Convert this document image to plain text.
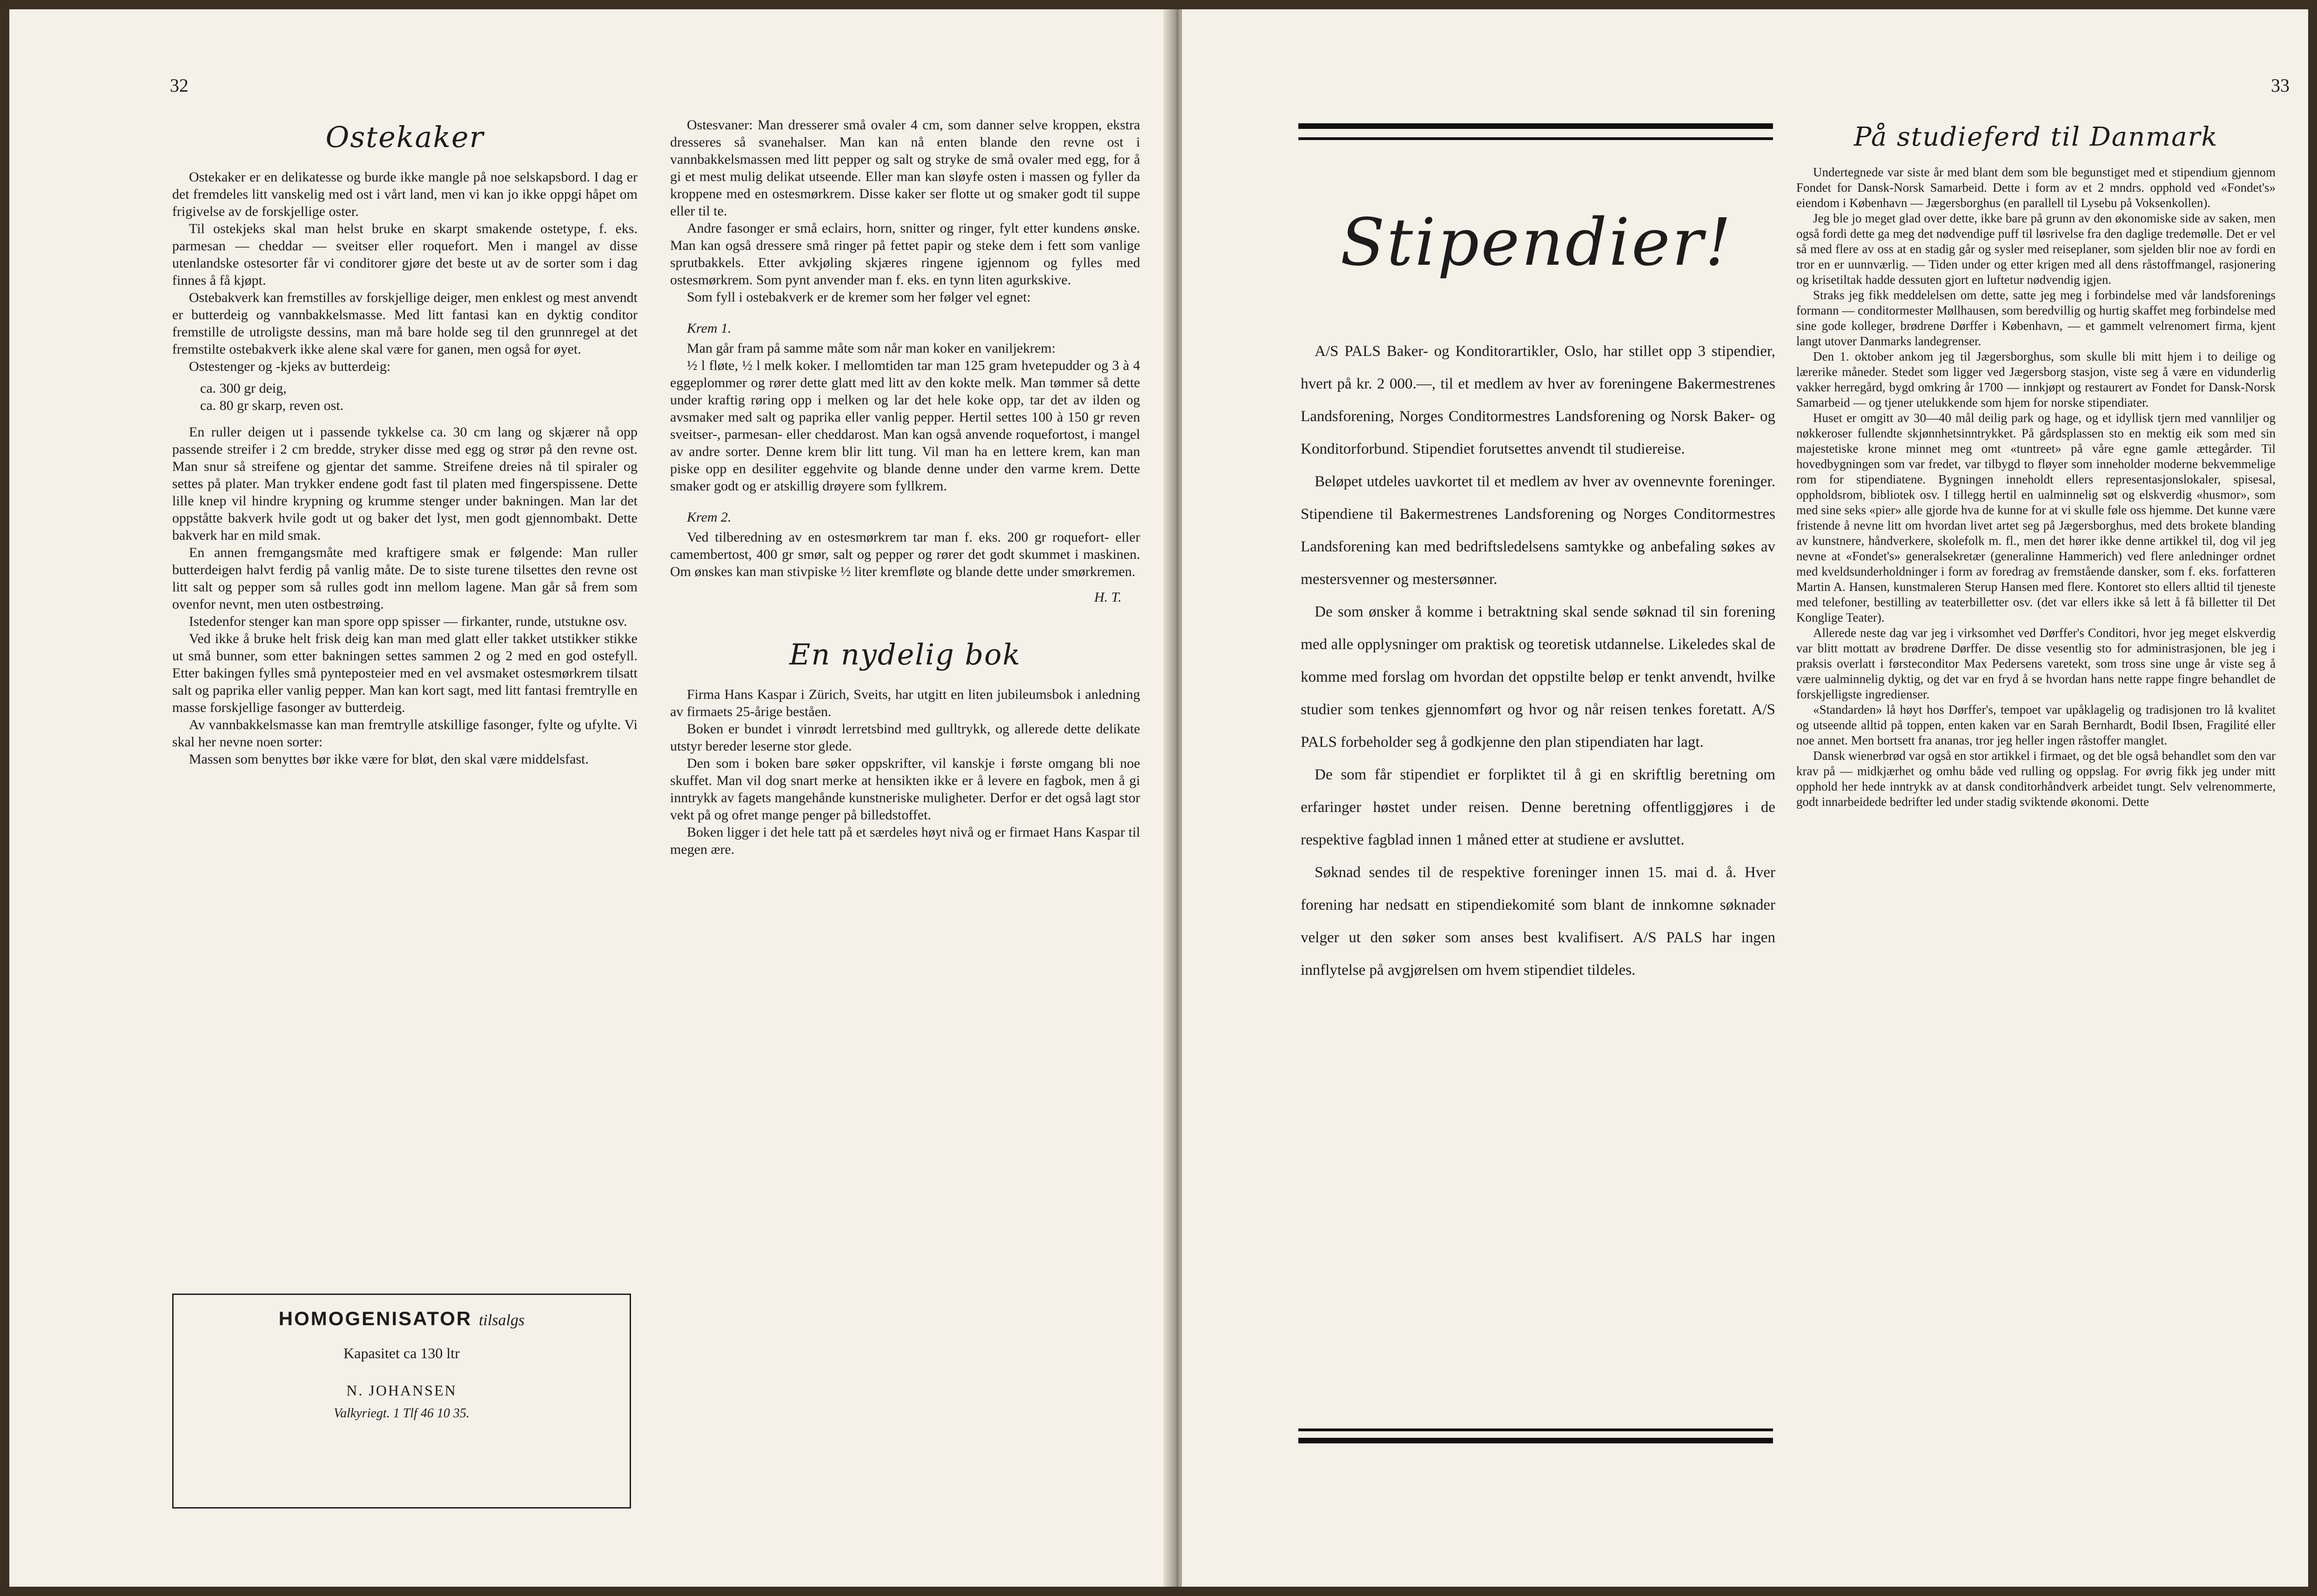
32
Ostekaker

Ostekaker er en delikatesse og burde ikke mangle på noe selskapsbord. I dag er det fremdeles litt vanskelig med ost i vårt land, men vi kan jo ikke oppgi håpet om frigivelse av de forskjellige oster.

Til ostekjeks skal man helst bruke en skarpt smakende ostetype, f. eks. parmesan — cheddar — sveitser eller roquefort. Men i mangel av disse utenlandske ostesorter får vi conditorer gjøre det beste ut av de sorter som i dag finnes å få kjøpt.

Ostebakverk kan fremstilles av forskjellige deiger, men enklest og mest anvendt er butterdeig og vannbakkelsmasse. Med litt fantasi kan en dyktig conditor fremstille de utroligste dessins, man må bare holde seg til den grunnregel at det fremstilte ostebakverk ikke alene skal være for ganen, men også for øyet.

Ostestenger og -kjeks av butterdeig:

ca. 300 gr deig,

ca. 80 gr skarp, reven ost.

En ruller deigen ut i passende tykkelse ca. 30 cm lang og skjærer nå opp passende streifer i 2 cm bredde, stryker disse med egg og strør på den revne ost. Man snur så streifene og gjentar det samme. Streifene dreies nå til spiraler og settes på plater. Man trykker endene godt fast til platen med fingerspissene. Dette lille knep vil hindre krypning og krumme stenger under bakningen. Man lar det oppståtte bakverk hvile godt ut og baker det lyst, men godt gjennombakt. Dette bakverk har en mild smak.

En annen fremgangsmåte med kraftigere smak er følgende: Man ruller butterdeigen halvt ferdig på vanlig måte. De to siste turene tilsettes den revne ost litt salt og pepper som så rulles godt inn mellom lagene. Man går så frem som ovenfor nevnt, men uten ostbestrøing.

Istedenfor stenger kan man spore opp spisser — firkanter, runde, utstukne osv.

Ved ikke å bruke helt frisk deig kan man med glatt eller takket utstikker stikke ut små bunner, som etter bakningen settes sammen 2 og 2 med en god ostefyll. Etter bakingen fylles små pynteposteier med en vel avsmaket ostesmørkrem tilsatt salt og paprika eller vanlig pepper. Man kan kort sagt, med litt fantasi fremtrylle en masse forskjellige fasonger av butterdeig.

Av vannbakkelsmasse kan man fremtrylle atskillige fasonger, fylte og ufylte. Vi skal her nevne noen sorter:

Massen som benyttes bør ikke være for bløt, den skal være middelsfast.

HOMOGENISATOR tilsalgs
Kapasitet ca 130 ltr
N. JOHANSEN
Valkyriegt. 1 Tlf 46 10 35.

Ostesvaner: Man dresserer små ovaler 4 cm, som danner selve kroppen, ekstra dresseres så svanehalser. Man kan nå enten blande den revne ost i vannbakkelsmassen med litt pepper og salt og stryke de små ovaler med egg, for å gi et mest mulig delikat utseende. Eller man kan sløyfe osten i massen og fyller da kroppene med en ostesmørkrem. Disse kaker ser flotte ut og smaker godt til suppe eller til te.

Andre fasonger er små eclairs, horn, snitter og ringer, fylt etter kundens ønske. Man kan også dressere små ringer på fettet papir og steke dem i fett som vanlige sprutbakkels. Etter avkjøling skjæres ringene igjennom og fylles med ostesmørkrem. Som pynt anvender man f. eks. en tynn liten agurkskive.

Som fyll i ostebakverk er de kremer som her følger vel egnet:

Krem 1.

Man går fram på samme måte som når man koker en vaniljekrem:

½ l fløte, ½ l melk koker. I mellomtiden tar man 125 gram hvetepudder og 3 à 4 eggeplommer og rører dette glatt med litt av den kokte melk. Man tømmer så dette under kraftig røring opp i melken og lar det hele koke opp, tar det av ilden og avsmaker med salt og paprika eller vanlig pepper. Hertil settes 100 à 150 gr reven sveitser-, parmesan- eller cheddarost. Man kan også anvende roquefortost, i mangel av andre sorter. Denne krem blir litt tung. Vil man ha en lettere krem, kan man piske opp en desiliter eggehvite og blande denne under den varme krem. Dette smaker godt og er atskillig drøyere som fyllkrem.

Krem 2.

Ved tilberedning av en ostesmørkrem tar man f. eks. 200 gr roquefort- eller camembertost, 400 gr smør, salt og pepper og rører det godt skummet i maskinen. Om ønskes kan man stivpiske ½ liter kremfløte og blande dette under smørkremen.

H. T.

En nydelig bok

Firma Hans Kaspar i Zürich, Sveits, har utgitt en liten jubileumsbok i anledning av firmaets 25-årige beståen.

Boken er bundet i vinrødt lerretsbind med gulltrykk, og allerede dette delikate utstyr bereder leserne stor glede.

Den som i boken bare søker oppskrifter, vil kanskje i første omgang bli noe skuffet. Man vil dog snart merke at hensikten ikke er å levere en fagbok, men å gi inntrykk av fagets mangehånde kunstneriske muligheter. Derfor er det også lagt stor vekt på og ofret mange penger på billedstoffet.

Boken ligger i det hele tatt på et særdeles høyt nivå og er firmaet Hans Kaspar til megen ære.

33
Stipendier!

A/S PALS Baker- og Konditorartikler, Oslo, har stillet opp 3 stipendier, hvert på kr. 2 000.—, til et medlem av hver av foreningene Bakermestrenes Landsforening, Norges Conditormestres Landsforening og Norsk Baker- og Konditorforbund. Stipendiet forutsettes anvendt til studiereise.

Beløpet utdeles uavkortet til et medlem av hver av ovennevnte foreninger. Stipendiene til Bakermestrenes Landsforening og Norges Conditormestres Landsforening kan med bedriftsledelsens samtykke og anbefaling søkes av mestersvenner og mestersønner.

De som ønsker å komme i betraktning skal sende søknad til sin forening med alle opplysninger om praktisk og teoretisk utdannelse. Likeledes skal de komme med forslag om hvordan det oppstilte beløp er tenkt anvendt, hvilke studier som tenkes gjennomført og hvor og når reisen tenkes foretatt. A/S PALS forbeholder seg å godkjenne den plan stipendiaten har lagt.

De som får stipendiet er forpliktet til å gi en skriftlig beretning om erfaringer høstet under reisen. Denne beretning offentliggjøres i de respektive fagblad innen 1 måned etter at studiene er avsluttet.

Søknad sendes til de respektive foreninger innen 15. mai d. å. Hver forening har nedsatt en stipendiekomité som blant de innkomne søknader velger ut den søker som anses best kvalifisert. A/S PALS har ingen innflytelse på avgjørelsen om hvem stipendiet tildeles.

På studieferd til Danmark

Undertegnede var siste år med blant dem som ble begunstiget med et stipendium gjennom Fondet for Dansk-Norsk Samarbeid. Dette i form av et 2 mndrs. opphold ved «Fondet's» eiendom i København — Jægersborghus (en parallell til Lysebu på Voksenkollen).

Jeg ble jo meget glad over dette, ikke bare på grunn av den økonomiske side av saken, men også fordi dette ga meg det nødvendige puff til løsrivelse fra den daglige tredemølle. Det er vel så med flere av oss at en stadig går og sysler med reiseplaner, som sjelden blir noe av fordi en tror en er uunnværlig. — Tiden under og etter krigen med all dens råstoffmangel, rasjonering og krisetiltak hadde dessuten gjort en luftetur nødvendig igjen.

Straks jeg fikk meddelelsen om dette, satte jeg meg i forbindelse med vår landsforenings formann — conditormester Møllhausen, som beredvillig og hurtig skaffet meg forbindelse med sine gode kolleger, brødrene Dørffer i København, — et gammelt velrenomert firma, kjent langt utover Danmarks landegrenser.

Den 1. oktober ankom jeg til Jægersborghus, som skulle bli mitt hjem i to deilige og lærerike måneder. Stedet som ligger ved Jægersborg stasjon, viste seg å være en vidunderlig vakker herregård, bygd omkring år 1700 — innkjøpt og restaurert av Fondet for Dansk-Norsk Samarbeid — og tjener utelukkende som hjem for norske stipendiater.

Huset er omgitt av 30—40 mål deilig park og hage, og et idyllisk tjern med vannliljer og nøkkeroser fullendte skjønnhetsinntrykket. På gårdsplassen sto en mektig eik som med sin majestetiske krone minnet meg omt «tuntreet» på våre egne gamle ættegårder. Til hovedbygningen som var fredet, var tilbygd to fløyer som inneholder moderne bekvemmelige rom for stipendiatene. Bygningen inneholdt ellers representasjonslokaler, spisesal, oppholdsrom, bibliotek osv. I tillegg hertil en ualminnelig søt og elskverdig «husmor», som med sine seks «pier» alle gjorde hva de kunne for at vi skulle føle oss hjemme. Det kunne være fristende å nevne litt om hvordan livet artet seg på Jægersborghus, med dets brokete blanding av kunstnere, håndverkere, skolefolk m. fl., men det hører ikke denne artikkel til, dog vil jeg nevne at «Fondet's» generalsekretær (generalinne Hammerich) ved flere anledninger ordnet med kveldsunderholdninger i form av foredrag av fremstående dansker, som f. eks. forfatteren Martin A. Hansen, kunstmaleren Sterup Hansen med flere. Kontoret sto ellers alltid til tjeneste med telefoner, bestilling av teaterbilletter osv. (det var ellers ikke så lett å få billetter til Det Konglige Teater).

Allerede neste dag var jeg i virksomhet ved Dørffer's Conditori, hvor jeg meget elskverdig var blitt mottatt av brødrene Dørffer. De disse vesentlig sto for administrasjonen, ble jeg i praksis overlatt i førsteconditor Max Pedersens varetekt, som tross sine unge år viste seg å være ualminnelig dyktig, og det var en fryd å se hvordan hans nette rappe fingre behandlet de forskjelligste ingredienser.

«Standarden» lå høyt hos Dørffer's, tempoet var upåklagelig og tradisjonen tro lå kvalitet og utseende alltid på toppen, enten kaken var en Sarah Bernhardt, Bodil Ibsen, Fragilité eller noe annet. Men bortsett fra ananas, tror jeg heller ingen råstoffer manglet.

Dansk wienerbrød var også en stor artikkel i firmaet, og det ble også behandlet som den var krav på — midkjærhet og omhu både ved rulling og oppslag. For øvrig fikk jeg under mitt opphold her hede inntrykk av at dansk conditorhåndverk arbeidet tungt. Selv velrenommerte, godt innarbeidede bedrifter led under stadig sviktende økonomi. Dette
